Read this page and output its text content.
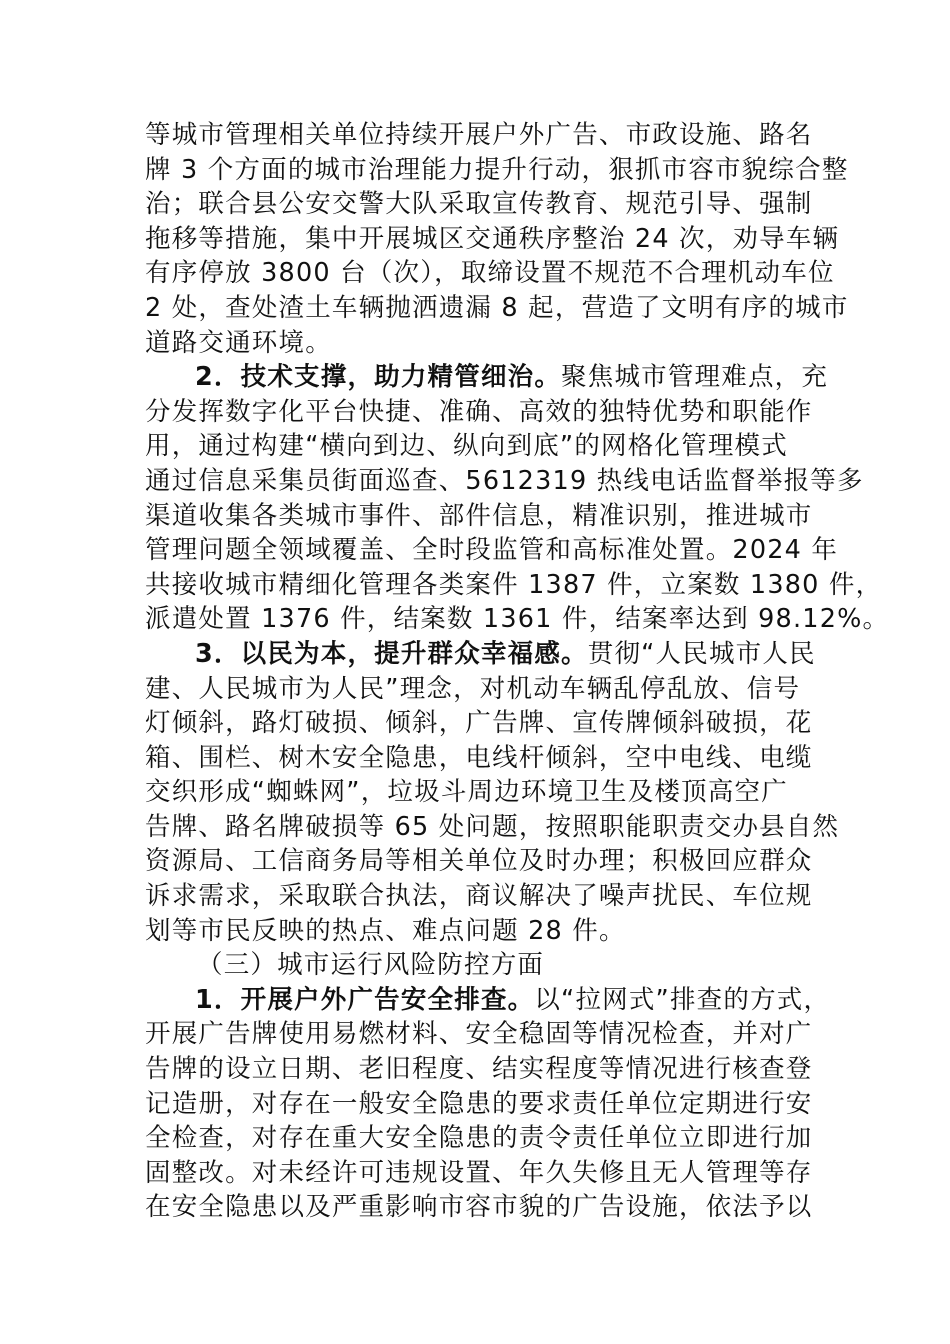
等城市管理相关单位持续开展户外广告、市政设施、路名
牌 3 个方面的城市治理能力提升行动，狠抓市容市貌综合整
治；联合县公安交警大队采取宣传教育、规范引导、强制
拖移等措施，集中开展城区交通秩序整治 24 次，劝导车辆
有序停放 3800 台（次），取缔设置不规范不合理机动车位
2 处，查处渣土车辆抛洒遗漏 8 起，营造了文明有序的城市
道路交通环境。
2．技术支撑，助力精管细治。聚焦城市管理难点，充
分发挥数字化平台快捷、准确、高效的独特优势和职能作
用，通过构建“横向到边、纵向到底”的网格化管理模式
通过信息采集员街面巡查、5612319 热线电话监督举报等多
渠道收集各类城市事件、部件信息，精准识别，推进城市
管理问题全领域覆盖、全时段监管和高标准处置。2024 年
共接收城市精细化管理各类案件 1387 件，立案数 1380 件，
派遣处置 1376 件，结案数 1361 件，结案率达到 98.12%。
3．以民为本，提升群众幸福感。贯彻“人民城市人民
建、人民城市为人民”理念，对机动车辆乱停乱放、信号
灯倾斜，路灯破损、倾斜，广告牌、宣传牌倾斜破损，花
箱、围栏、树木安全隐患，电线杆倾斜，空中电线、电缆
交织形成“蜘蛛网”，垃圾斗周边环境卫生及楼顶高空广
告牌、路名牌破损等 65 处问题，按照职能职责交办县自然
资源局、工信商务局等相关单位及时办理；积极回应群众
诉求需求，采取联合执法，商议解决了噪声扰民、车位规
划等市民反映的热点、难点问题 28 件。
（三）城市运行风险防控方面
1．开展户外广告安全排查。以“拉网式”排查的方式，
开展广告牌使用易燃材料、安全稳固等情况检查，并对广
告牌的设立日期、老旧程度、结实程度等情况进行核查登
记造册，对存在一般安全隐患的要求责任单位定期进行安
全检查，对存在重大安全隐患的责令责任单位立即进行加
固整改。对未经许可违规设置、年久失修且无人管理等存
在安全隐患以及严重影响市容市貌的广告设施，依法予以
